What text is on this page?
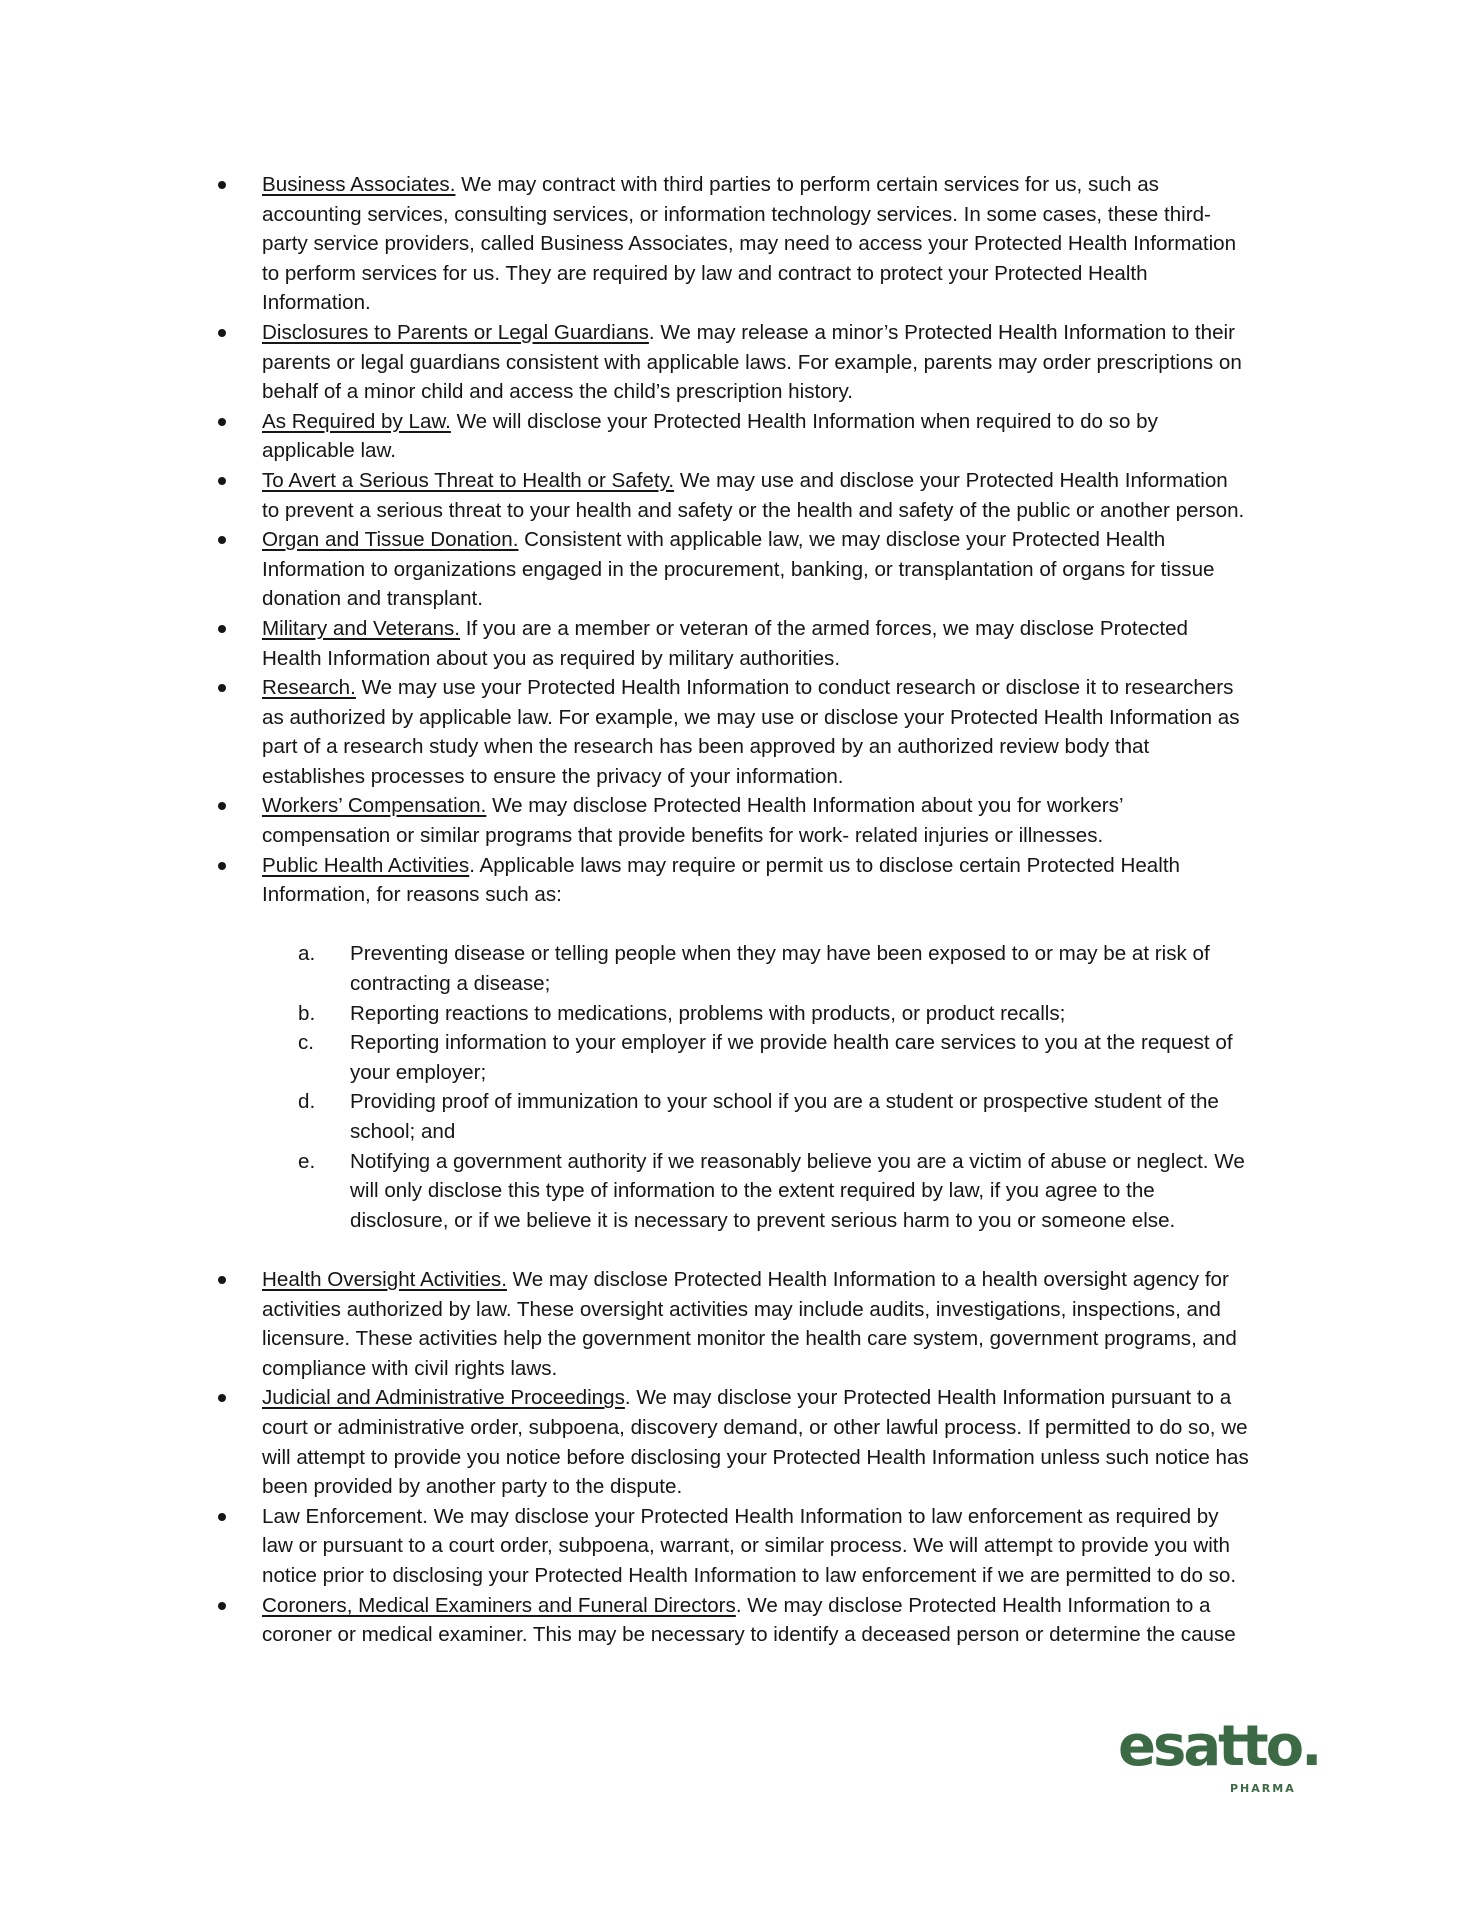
Business Associates. We may contract with third parties to perform certain services for us, such as
accounting services, consulting services, or information technology services. In some cases, these third-
party service providers, called Business Associates, may need to access your Protected Health Information
to perform services for us. They are required by law and contract to protect your Protected Health
Information.
Disclosures to Parents or Legal Guardians. We may release a minor’s Protected Health Information to their
parents or legal guardians consistent with applicable laws. For example, parents may order prescriptions on
behalf of a minor child and access the child’s prescription history.
As Required by Law. We will disclose your Protected Health Information when required to do so by
applicable law.
To Avert a Serious Threat to Health or Safety. We may use and disclose your Protected Health Information
to prevent a serious threat to your health and safety or the health and safety of the public or another person.
Organ and Tissue Donation. Consistent with applicable law, we may disclose your Protected Health
Information to organizations engaged in the procurement, banking, or transplantation of organs for tissue
donation and transplant.
Military and Veterans. If you are a member or veteran of the armed forces, we may disclose Protected
Health Information about you as required by military authorities.
Research. We may use your Protected Health Information to conduct research or disclose it to researchers
as authorized by applicable law. For example, we may use or disclose your Protected Health Information as
part of a research study when the research has been approved by an authorized review body that
establishes processes to ensure the privacy of your information.
Workers’ Compensation. We may disclose Protected Health Information about you for workers’
compensation or similar programs that provide benefits for work- related injuries or illnesses.
Public Health Activities. Applicable laws may require or permit us to disclose certain Protected Health
Information, for reasons such as:
a. Preventing disease or telling people when they may have been exposed to or may be at risk of
contracting a disease;
b. Reporting reactions to medications, problems with products, or product recalls;
c. Reporting information to your employer if we provide health care services to you at the request of
your employer;
d. Providing proof of immunization to your school if you are a student or prospective student of the
school; and
e. Notifying a government authority if we reasonably believe you are a victim of abuse or neglect. We
will only disclose this type of information to the extent required by law, if you agree to the
disclosure, or if we believe it is necessary to prevent serious harm to you or someone else.
Health Oversight Activities. We may disclose Protected Health Information to a health oversight agency for
activities authorized by law. These oversight activities may include audits, investigations, inspections, and
licensure. These activities help the government monitor the health care system, government programs, and
compliance with civil rights laws.
Judicial and Administrative Proceedings. We may disclose your Protected Health Information pursuant to a
court or administrative order, subpoena, discovery demand, or other lawful process. If permitted to do so, we
will attempt to provide you notice before disclosing your Protected Health Information unless such notice has
been provided by another party to the dispute.
Law Enforcement. We may disclose your Protected Health Information to law enforcement as required by
law or pursuant to a court order, subpoena, warrant, or similar process. We will attempt to provide you with
notice prior to disclosing your Protected Health Information to law enforcement if we are permitted to do so.
Coroners, Medical Examiners and Funeral Directors. We may disclose Protected Health Information to a
coroner or medical examiner. This may be necessary to identify a deceased person or determine the cause
esatto.
PHARMA
